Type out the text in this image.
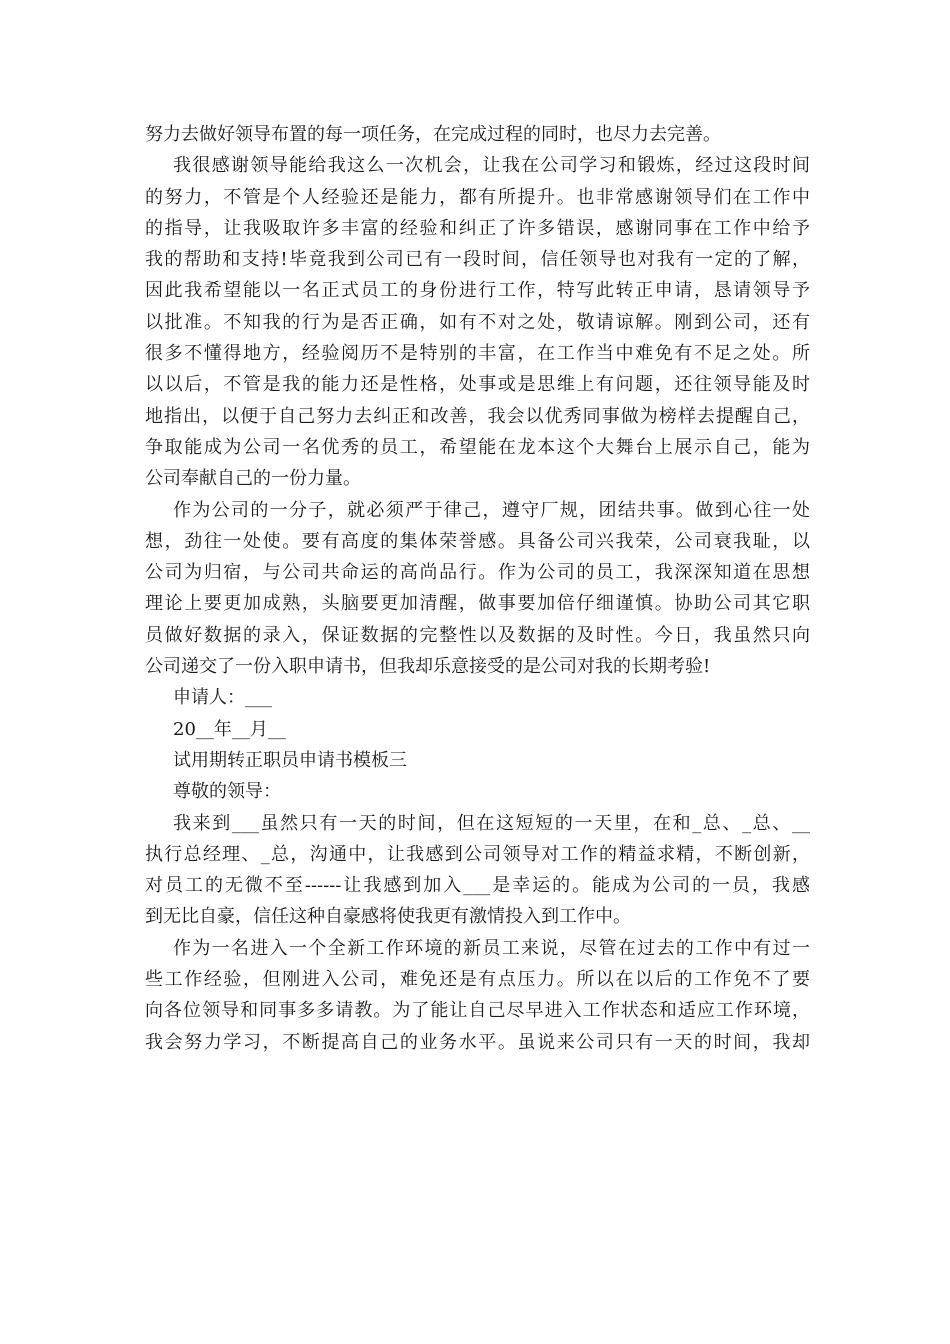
努力去做好领导布置的每一项任务，在完成过程的同时，也尽力去完善。
我很感谢领导能给我这么一次机会，让我在公司学习和锻炼，经过这段时间
的努力，不管是个人经验还是能力，都有所提升。也非常感谢领导们在工作中
的指导，让我吸取许多丰富的经验和纠正了许多错误，感谢同事在工作中给予
我的帮助和支持!毕竟我到公司已有一段时间，信任领导也对我有一定的了解，
因此我希望能以一名正式员工的身份进行工作，特写此转正申请，恳请领导予
以批准。不知我的行为是否正确，如有不对之处，敬请谅解。刚到公司，还有
很多不懂得地方，经验阅历不是特别的丰富，在工作当中难免有不足之处。所
以以后，不管是我的能力还是性格，处事或是思维上有问题，还往领导能及时
地指出，以便于自己努力去纠正和改善，我会以优秀同事做为榜样去提醒自己，
争取能成为公司一名优秀的员工，希望能在龙本这个大舞台上展示自己，能为
公司奉献自己的一份力量。
作为公司的一分子，就必须严于律己，遵守厂规，团结共事。做到心往一处
想，劲往一处使。要有高度的集体荣誉感。具备公司兴我荣，公司衰我耻，以
公司为归宿，与公司共命运的高尚品行。作为公司的员工，我深深知道在思想
理论上要更加成熟，头脑要更加清醒，做事要加倍仔细谨慎。协助公司其它职
员做好数据的录入，保证数据的完整性以及数据的及时性。今日，我虽然只向
公司递交了一份入职申请书，但我却乐意接受的是公司对我的长期考验!
申请人：___
20__年__月__
试用期转正职员申请书模板三
尊敬的领导：
我来到___虽然只有一天的时间，但在这短短的一天里，在和_总、_总、__
执行总经理、_总，沟通中，让我感到公司领导对工作的精益求精，不断创新，
对员工的无微不至------让我感到加入___是幸运的。能成为公司的一员，我感
到无比自豪，信任这种自豪感将使我更有激情投入到工作中。
作为一名进入一个全新工作环境的新员工来说，尽管在过去的工作中有过一
些工作经验，但刚进入公司，难免还是有点压力。所以在以后的工作免不了要
向各位领导和同事多多请教。为了能让自己尽早进入工作状态和适应工作环境，
我会努力学习，不断提高自己的业务水平。虽说来公司只有一天的时间，我却
